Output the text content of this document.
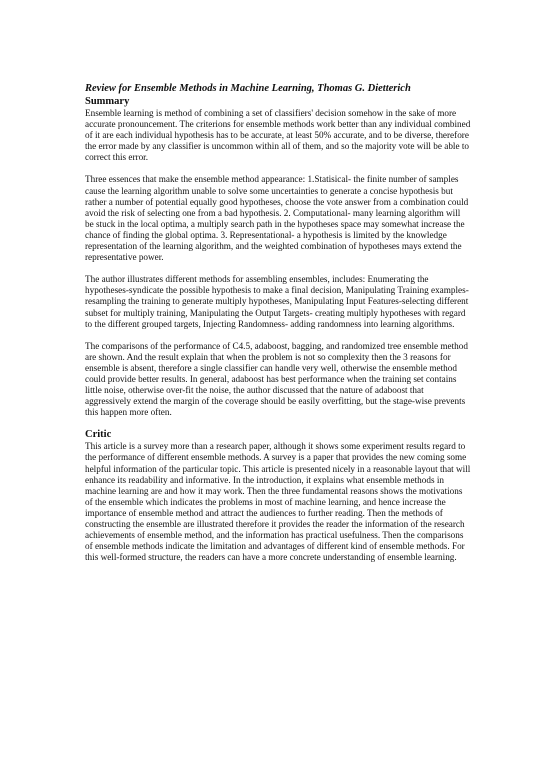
Review for Ensemble Methods in Machine Learning, Thomas G. Dietterich

Summary

Ensemble learning is method of combining a set of classifiers' decision somehow in the sake of more accurate pronouncement. The criterions for ensemble methods work better than any individual combined of it are each individual hypothesis has to be accurate, at least 50% accurate, and to be diverse, therefore the error made by any classifier is uncommon within all of them, and so the majority vote will be able to correct this error.

Three essences that make the ensemble method appearance: 1.Statisical- the finite number of samples cause the learning algorithm unable to solve some uncertainties to generate a concise hypothesis but rather a number of potential equally good hypotheses, choose the vote answer from a combination could avoid the risk of selecting one from a bad hypothesis. 2. Computational- many learning algorithm will be stuck in the local optima, a multiply search path in the hypotheses space may somewhat increase the chance of finding the global optima. 3. Representational- a hypothesis is limited by the knowledge representation of the learning algorithm, and the weighted combination of hypotheses mays extend the representative power.

The author illustrates different methods for assembling ensembles, includes: Enumerating the hypotheses-syndicate the possible hypothesis to make a final decision, Manipulating Training examples- resampling the training to generate multiply hypotheses, Manipulating Input Features-selecting different subset for multiply training, Manipulating the Output Targets- creating multiply hypotheses with regard to the different grouped targets, Injecting Randomness- adding randomness into learning algorithms.

The comparisons of the performance of C4.5, adaboost, bagging, and randomized tree ensemble method are shown. And the result explain that when the problem is not so complexity then the 3 reasons for ensemble is absent, therefore a single classifier can handle very well, otherwise the ensemble method could provide better results. In general, adaboost has best performance when the training set contains little noise, otherwise over-fit the noise, the author discussed that the nature of adaboost that aggressively extend the margin of the coverage should be easily overfitting, but the stage-wise prevents this happen more often.

Critic

This article is a survey more than a research paper, although it shows some experiment results regard to the performance of different ensemble methods. A survey is a paper that provides the new coming some helpful information of the particular topic. This article is presented nicely in a reasonable layout that will enhance its readability and informative. In the introduction, it explains what ensemble methods in machine learning are and how it may work. Then the three fundamental reasons shows the motivations of the ensemble which indicates the problems in most of machine learning, and hence increase the importance of ensemble method and attract the audiences to further reading. Then the methods of constructing the ensemble are illustrated therefore it provides the reader the information of the research achievements of ensemble method, and the information has practical usefulness. Then the comparisons of ensemble methods indicate the limitation and advantages of different kind of ensemble methods. For this well-formed structure, the readers can have a more concrete understanding of ensemble learning.
